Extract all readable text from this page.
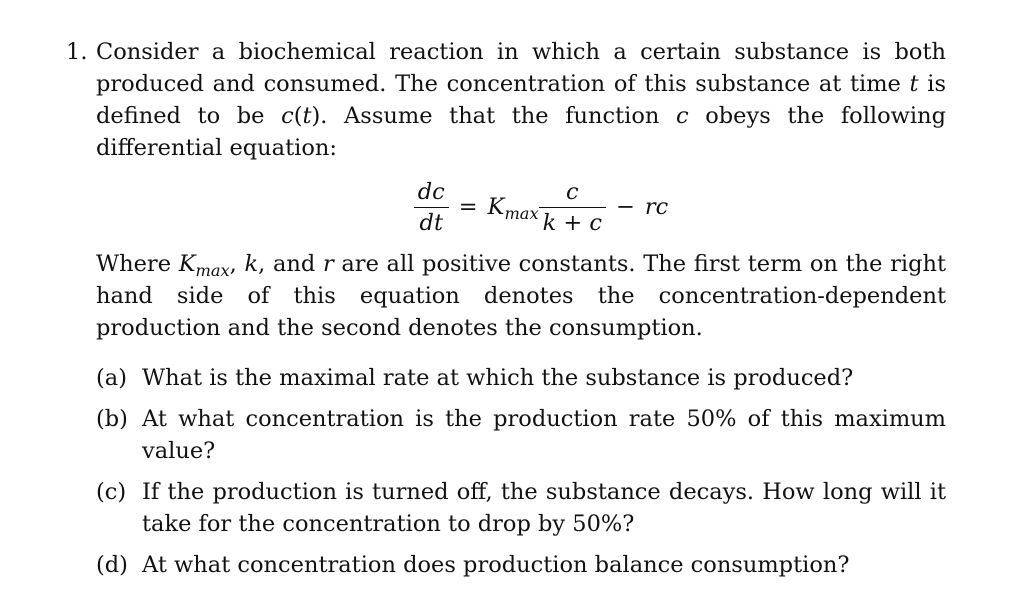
1. Consider a biochemical reaction in which a certain substance is both produced and consumed. The concentration of this substance at time t is defined to be c(t). Assume that the function c obeys the following differential equation:

$\frac{dc}{dt} = K_{max} \frac{c}{k + c}$ − rc

Where $K_{max}$, k, and r are all positive constants. The first term on the right hand side of this equation denotes the concentration-dependent production and the second denotes the consumption.

(a) What is the maximal rate at which the substance is produced?
(b) At what concentration is the production rate 50% of this maximum value?
(c) If the production is turned off, the substance decays. How long will it take for the concentration to drop by 50%?
(d) At what concentration does production balance consumption?
